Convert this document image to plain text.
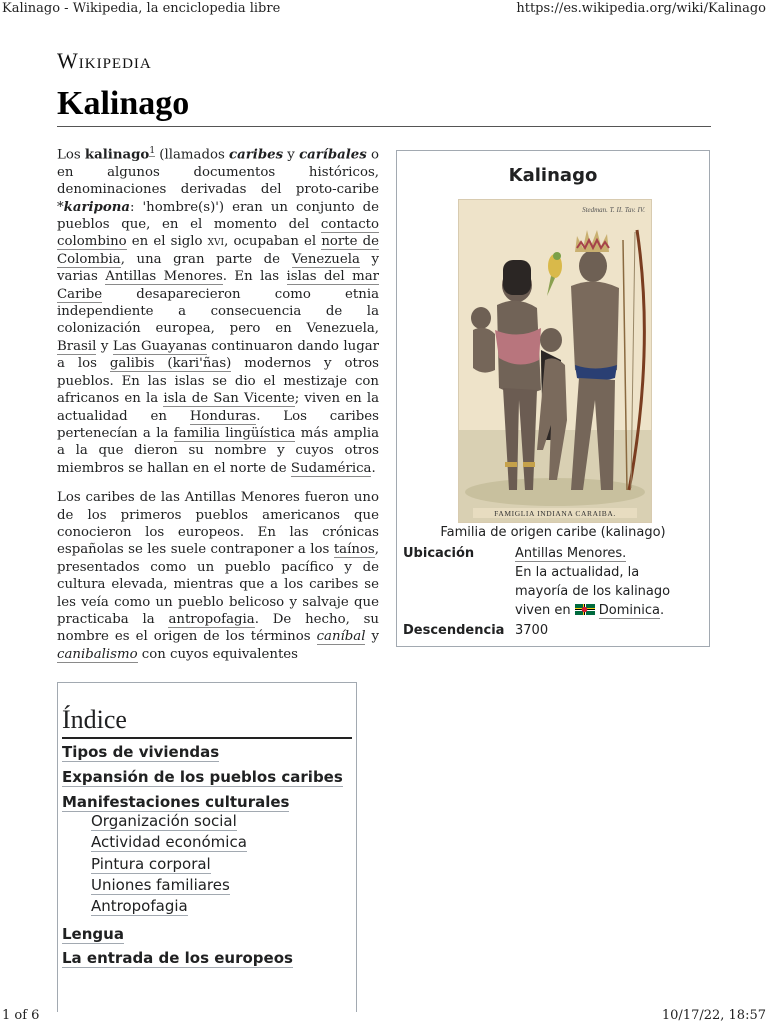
Kalinago - Wikipedia, la enciclopedia libre	https://es.wikipedia.org/wiki/Kalinago
Wikipedia
Kalinago

Los kalinago$^1$ (llamados caribes y caríbales o en algunos documentos históricos, denominaciones derivadas del proto-caribe *karipona: 'hombre(s)') eran un conjunto de pueblos que, en el momento del contacto colombino en el siglo xvi, ocupaban el norte de Colombia, una gran parte de Venezuela y varias Antillas Menores. En las islas del mar Caribe desaparecieron como etnia independiente a consecuencia de la colonización europea, pero en Venezuela, Brasil y Las Guayanas continuaron dando lugar a los galibis (kari'ñas) modernos y otros pueblos. En las islas se dio el mestizaje con africanos en la isla de San Vicente; viven en la actualidad en Honduras. Los caribes pertenecían a la familia lingüística más amplia a la que dieron su nombre y cuyos otros miembros se hallan en el norte de Sudamérica.

Los caribes de las Antillas Menores fueron uno de los primeros pueblos americanos que conocieron los europeos. En las crónicas españolas se les suele contraponer a los taínos, presentados como un pueblo pacífico y de cultura elevada, mientras que a los caribes se les veía como un pueblo belicoso y salvaje que practicaba la antropofagia. De hecho, su nombre es el origen de los términos caníbal y canibalismo con cuyos equivalentes

Kalinago
Stedman. T. II. Tav. IV.
FAMIGLIA INDIANA CARAIBA.
Familia de origen caribe (kalinago)
Ubicación	Antillas Menores.
En la actualidad, la
mayoría de los kalinago
viven en Dominica.
Descendencia 3700
Índice
Tipos de viviendas
Expansión de los pueblos caribes
Manifestaciones culturales
Organización social
Actividad económica
Pintura corporal
Uniones familiares
Antropofagia
Lengua
La entrada de los europeos
1 of 6	10/17/22, 18:57
